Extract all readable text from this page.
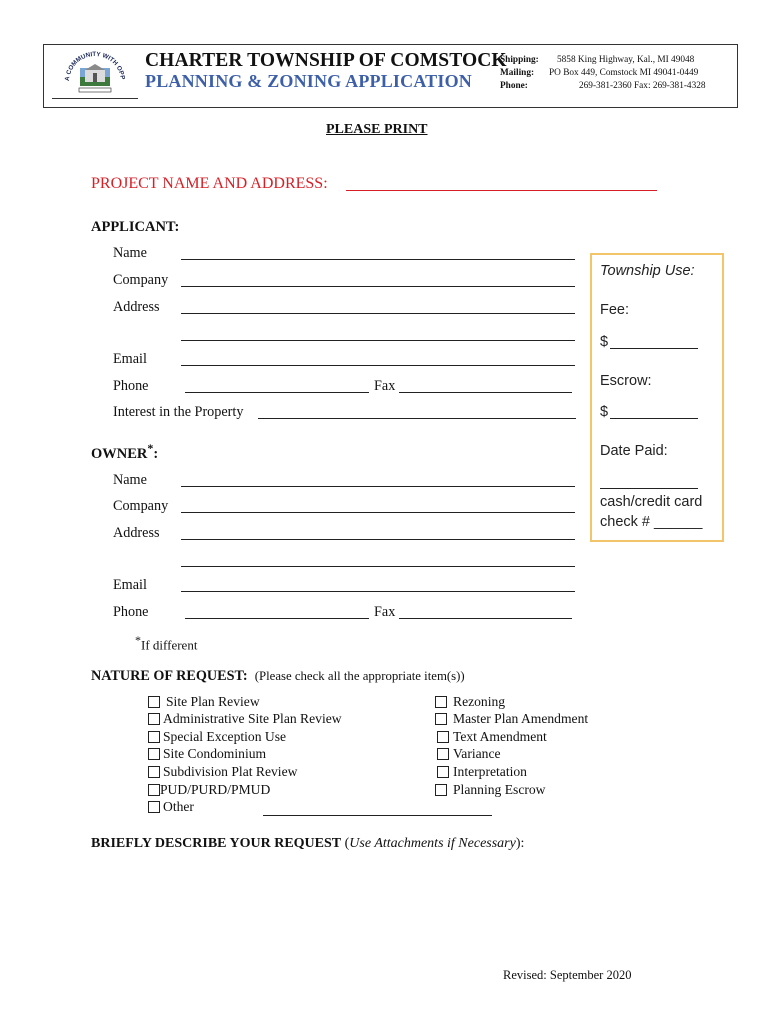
A COMMUNITY WITH OPP
CHARTER TOWNSHIP OF COMSTOCK
PLANNING & ZONING APPLICATION
Shipping: 5858 King Highway, Kal., MI 49048
Mailing: PO Box 449, Comstock MI 49041-0449
Phone:	269-381-2360 Fax: 269-381-4328
PLEASE PRINT
PROJECT NAME AND ADDRESS:
APPLICANT:
Name
Company
Address
Email
Phone	Fax
Interest in the Property
OWNER*:
Name
Company
Address
Email
Phone	Fax
*If different
Township Use:
Fee:
$
Escrow:
$
Date Paid:
cash/credit card
check # ______
NATURE OF REQUEST: (Please check all the appropriate item(s))
Site Plan Review
Administrative Site Plan Review
Special Exception Use
Site Condominium
Subdivision Plat Review
PUD/PURD/PMUD
Other
Rezoning
Master Plan Amendment
Text Amendment
Variance
Interpretation
Planning Escrow
BRIEFLY DESCRIBE YOUR REQUEST (Use Attachments if Necessary):
Revised: September 2020
